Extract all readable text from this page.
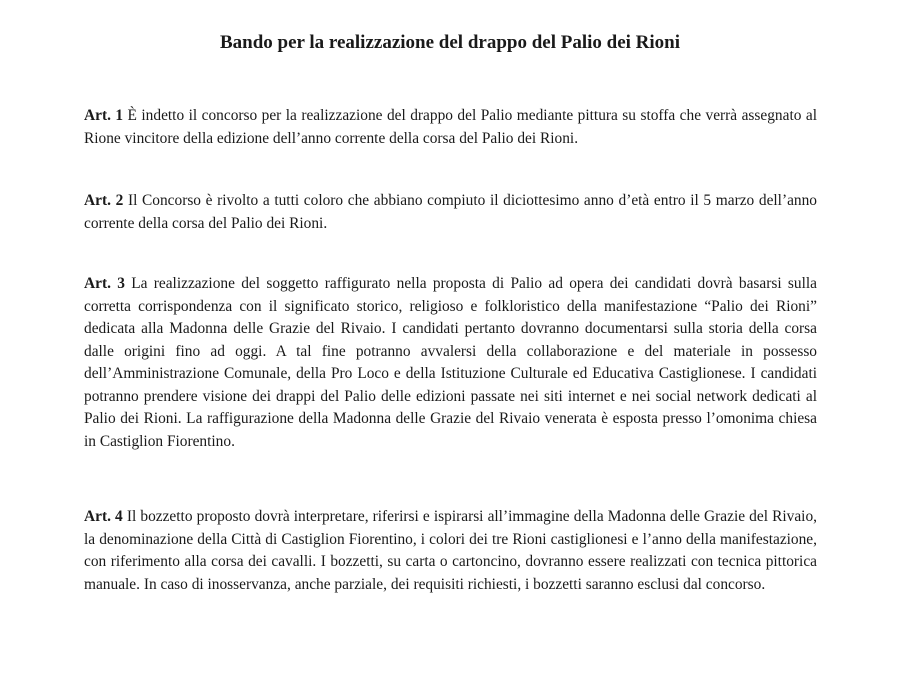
Bando per la realizzazione del drappo del Palio dei Rioni

Art. 1 È indetto il concorso per la realizzazione del drappo del Palio mediante pittura su stoffa che verrà assegnato al Rione vincitore della edizione dell’anno corrente della corsa del Palio dei Rioni.

Art. 2 Il Concorso è rivolto a tutti coloro che abbiano compiuto il diciottesimo anno d’età entro il 5 marzo dell’anno corrente della corsa del Palio dei Rioni.

Art. 3 La realizzazione del soggetto raffigurato nella proposta di Palio ad opera dei candidati dovrà basarsi sulla corretta corrispondenza con il significato storico, religioso e folkloristico della manifestazione “Palio dei Rioni” dedicata alla Madonna delle Grazie del Rivaio. I candidati pertanto dovranno documentarsi sulla storia della corsa dalle origini fino ad oggi. A tal fine potranno avvalersi della collaborazione e del materiale in possesso dell’Amministrazione Comunale, della Pro Loco e della Istituzione Culturale ed Educativa Castiglionese. I candidati potranno prendere visione dei drappi del Palio delle edizioni passate nei siti internet e nei social network dedicati al Palio dei Rioni. La raffigurazione della Madonna delle Grazie del Rivaio venerata è esposta presso l’omonima chiesa in Castiglion Fiorentino.

Art. 4 Il bozzetto proposto dovrà interpretare, riferirsi e ispirarsi all’immagine della Madonna delle Grazie del Rivaio, la denominazione della Città di Castiglion Fiorentino, i colori dei tre Rioni castiglionesi e l’anno della manifestazione, con riferimento alla corsa dei cavalli. I bozzetti, su carta o cartoncino, dovranno essere realizzati con tecnica pittorica manuale. In caso di inosservanza, anche parziale, dei requisiti richiesti, i bozzetti saranno esclusi dal concorso.
